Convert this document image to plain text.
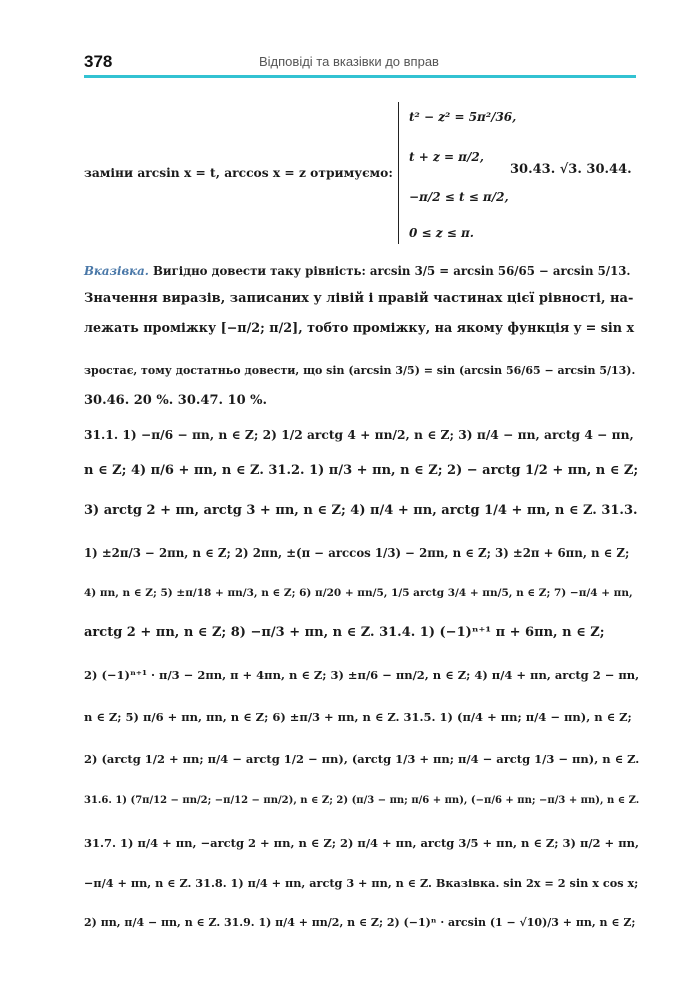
378	Відповіді та вказівки до вправ
заміни arcsin x = t, arccos x = z отримуємо:
t² − z² = 5π²/36,
t + z = π/2,
−π/2 ≤ t ≤ π/2,
0 ≤ z ≤ π.
30.43. √3. 30.44.
Вказівка. Вигідно довести таку рівність: arcsin 3/5 = arcsin 56/65 − arcsin 5/13.
Значення виразів, записаних у лівій і правій частинах цієї рівності, на-
лежать проміжку [−π/2; π/2], тобто проміжку, на якому функція y = sin x
зростає, тому достатньо довести, що sin (arcsin 3/5) = sin (arcsin 56/65 − arcsin 5/13).
30.46. 20 %. 30.47. 10 %.
31.1. 1) −π/6 − πn, n ∈ Z; 2) 1/2 arctg 4 + πn/2, n ∈ Z; 3) π/4 − πn, arctg 4 − πn,
n ∈ Z; 4) π/6 + πn, n ∈ Z. 31.2. 1) π/3 + πn, n ∈ Z; 2) − arctg 1/2 + πn, n ∈ Z;
3) arctg 2 + πn, arctg 3 + πn, n ∈ Z; 4) π/4 + πn, arctg 1/4 + πn, n ∈ Z. 31.3.
1) ±2π/3 − 2πn, n ∈ Z; 2) 2πn, ±(π − arccos 1/3) − 2πn, n ∈ Z; 3) ±2π + 6πn, n ∈ Z;
4) πn, n ∈ Z; 5) ±π/18 + πn/3, n ∈ Z; 6) π/20 + πn/5, 1/5 arctg 3/4 + πn/5, n ∈ Z; 7) −π/4 + πn,
arctg 2 + πn, n ∈ Z; 8) −π/3 + πn, n ∈ Z. 31.4. 1) (−1)ⁿ⁺¹ π + 6πn, n ∈ Z;
2) (−1)ⁿ⁺¹ · π/3 − 2πn, π + 4πn, n ∈ Z; 3) ±π/6 − πn/2, n ∈ Z; 4) π/4 + πn, arctg 2 − πn,
n ∈ Z; 5) π/6 + πn, πn, n ∈ Z; 6) ±π/3 + πn, n ∈ Z. 31.5. 1) (π/4 + πn; π/4 − πn), n ∈ Z;
2) (arctg 1/2 + πn; π/4 − arctg 1/2 − πn), (arctg 1/3 + πn; π/4 − arctg 1/3 − πn), n ∈ Z.
31.6. 1) (7π/12 − πn/2; −π/12 − πn/2), n ∈ Z; 2) (π/3 − πn; π/6 + πn), (−π/6 + πn; −π/3 + πn), n ∈ Z.
31.7. 1) π/4 + πn, −arctg 2 + πn, n ∈ Z; 2) π/4 + πn, arctg 3/5 + πn, n ∈ Z; 3) π/2 + πn,
−π/4 + πn, n ∈ Z. 31.8. 1) π/4 + πn, arctg 3 + πn, n ∈ Z. Вказівка. sin 2x = 2 sin x cos x;
2) πn, π/4 − πn, n ∈ Z. 31.9. 1) π/4 + πn/2, n ∈ Z; 2) (−1)ⁿ · arcsin (1 − √10)/3 + πn, n ∈ Z;
